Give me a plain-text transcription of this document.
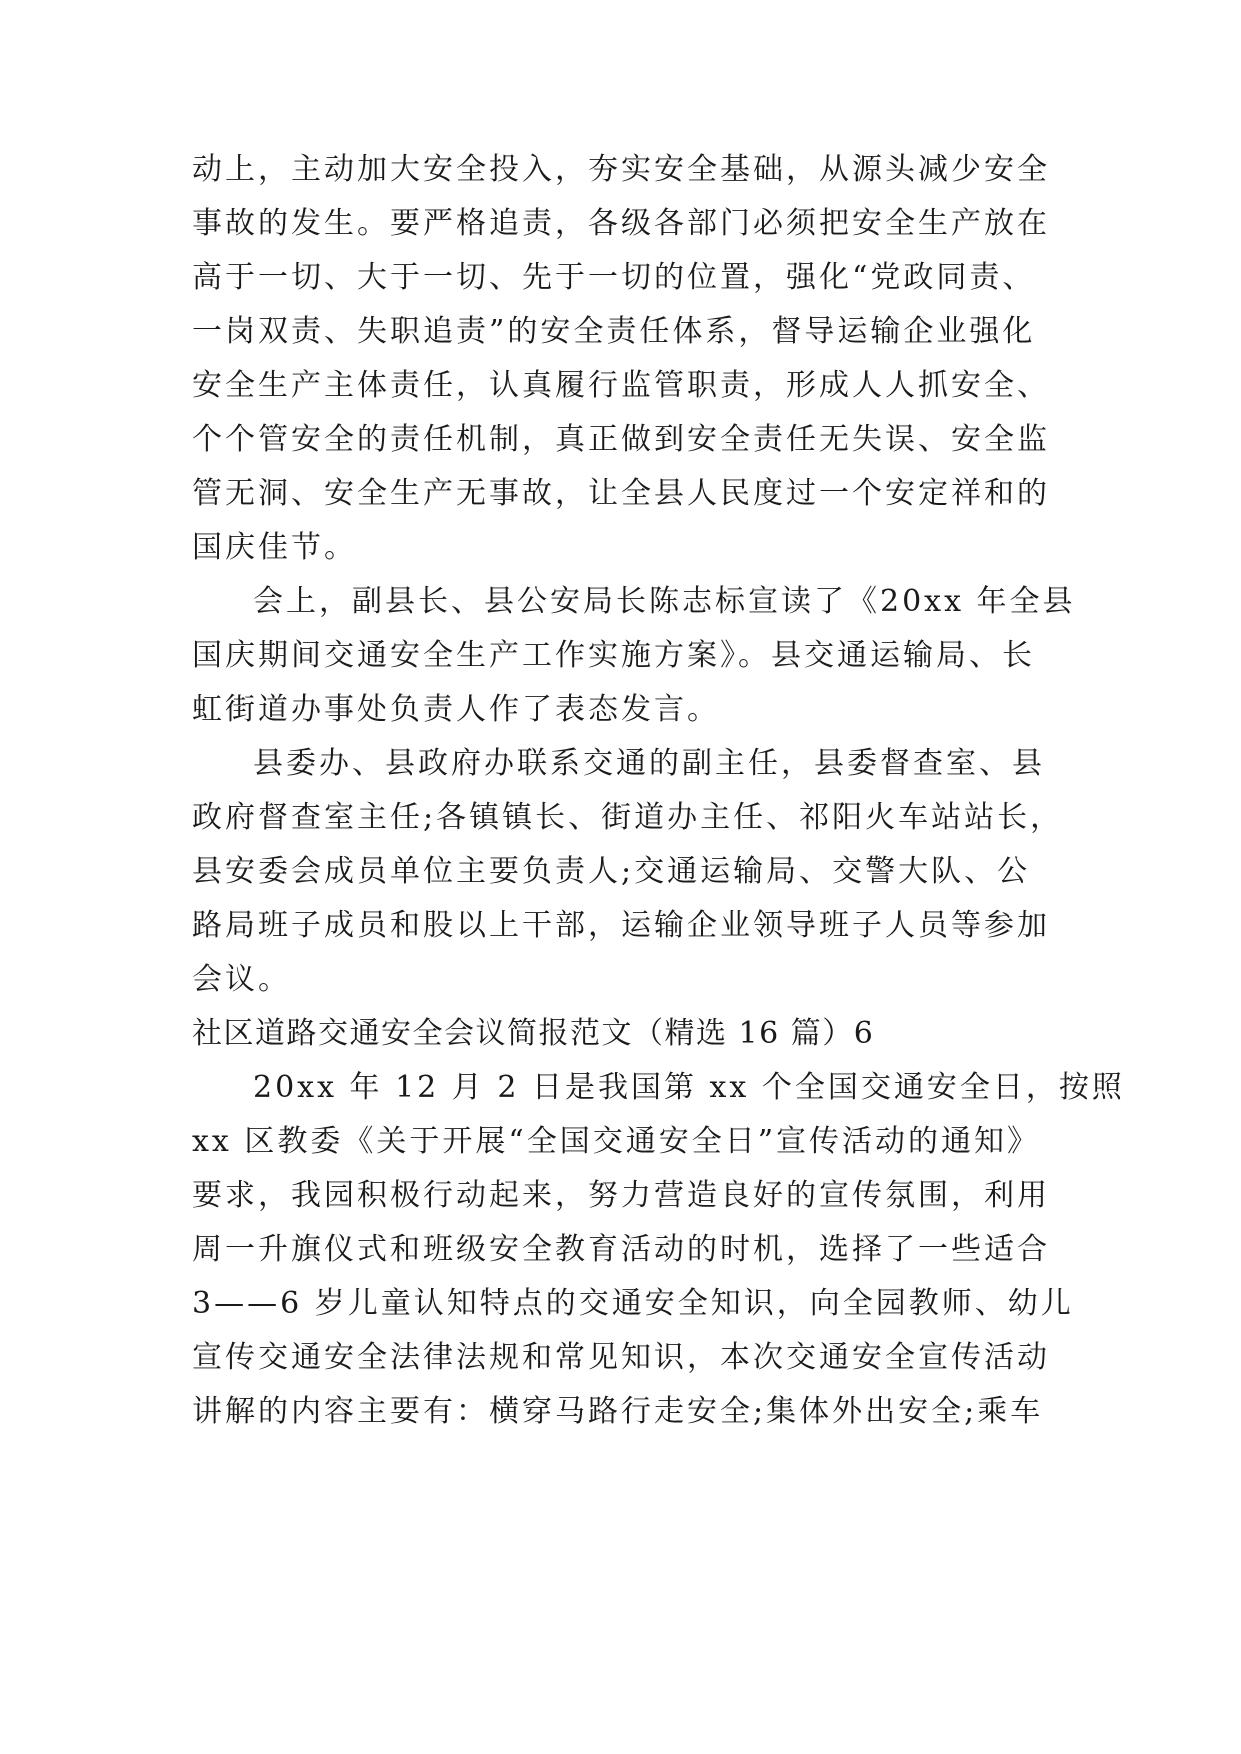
动上，主动加大安全投入，夯实安全基础，从源头减少安全
事故的发生。要严格追责，各级各部门必须把安全生产放在
高于一切、大于一切、先于一切的位置，强化“党政同责、
一岗双责、失职追责”的安全责任体系，督导运输企业强化
安全生产主体责任，认真履行监管职责，形成人人抓安全、
个个管安全的责任机制，真正做到安全责任无失误、安全监
管无洞、安全生产无事故，让全县人民度过一个安定祥和的
国庆佳节。
会上，副县长、县公安局长陈志标宣读了《20xx 年全县
国庆期间交通安全生产工作实施方案》。县交通运输局、长
虹街道办事处负责人作了表态发言。
县委办、县政府办联系交通的副主任，县委督查室、县
政府督查室主任;各镇镇长、街道办主任、祁阳火车站站长，
县安委会成员单位主要负责人;交通运输局、交警大队、公
路局班子成员和股以上干部，运输企业领导班子人员等参加
会议。
社区道路交通安全会议简报范文（精选 16 篇）6
20xx 年 12 月 2 日是我国第 xx 个全国交通安全日，按照
xx 区教委《关于开展“全国交通安全日”宣传活动的通知》
要求，我园积极行动起来，努力营造良好的宣传氛围，利用
周一升旗仪式和班级安全教育活动的时机，选择了一些适合
3——6 岁儿童认知特点的交通安全知识，向全园教师、幼儿
宣传交通安全法律法规和常见知识，本次交通安全宣传活动
讲解的内容主要有：横穿马路行走安全;集体外出安全;乘车
